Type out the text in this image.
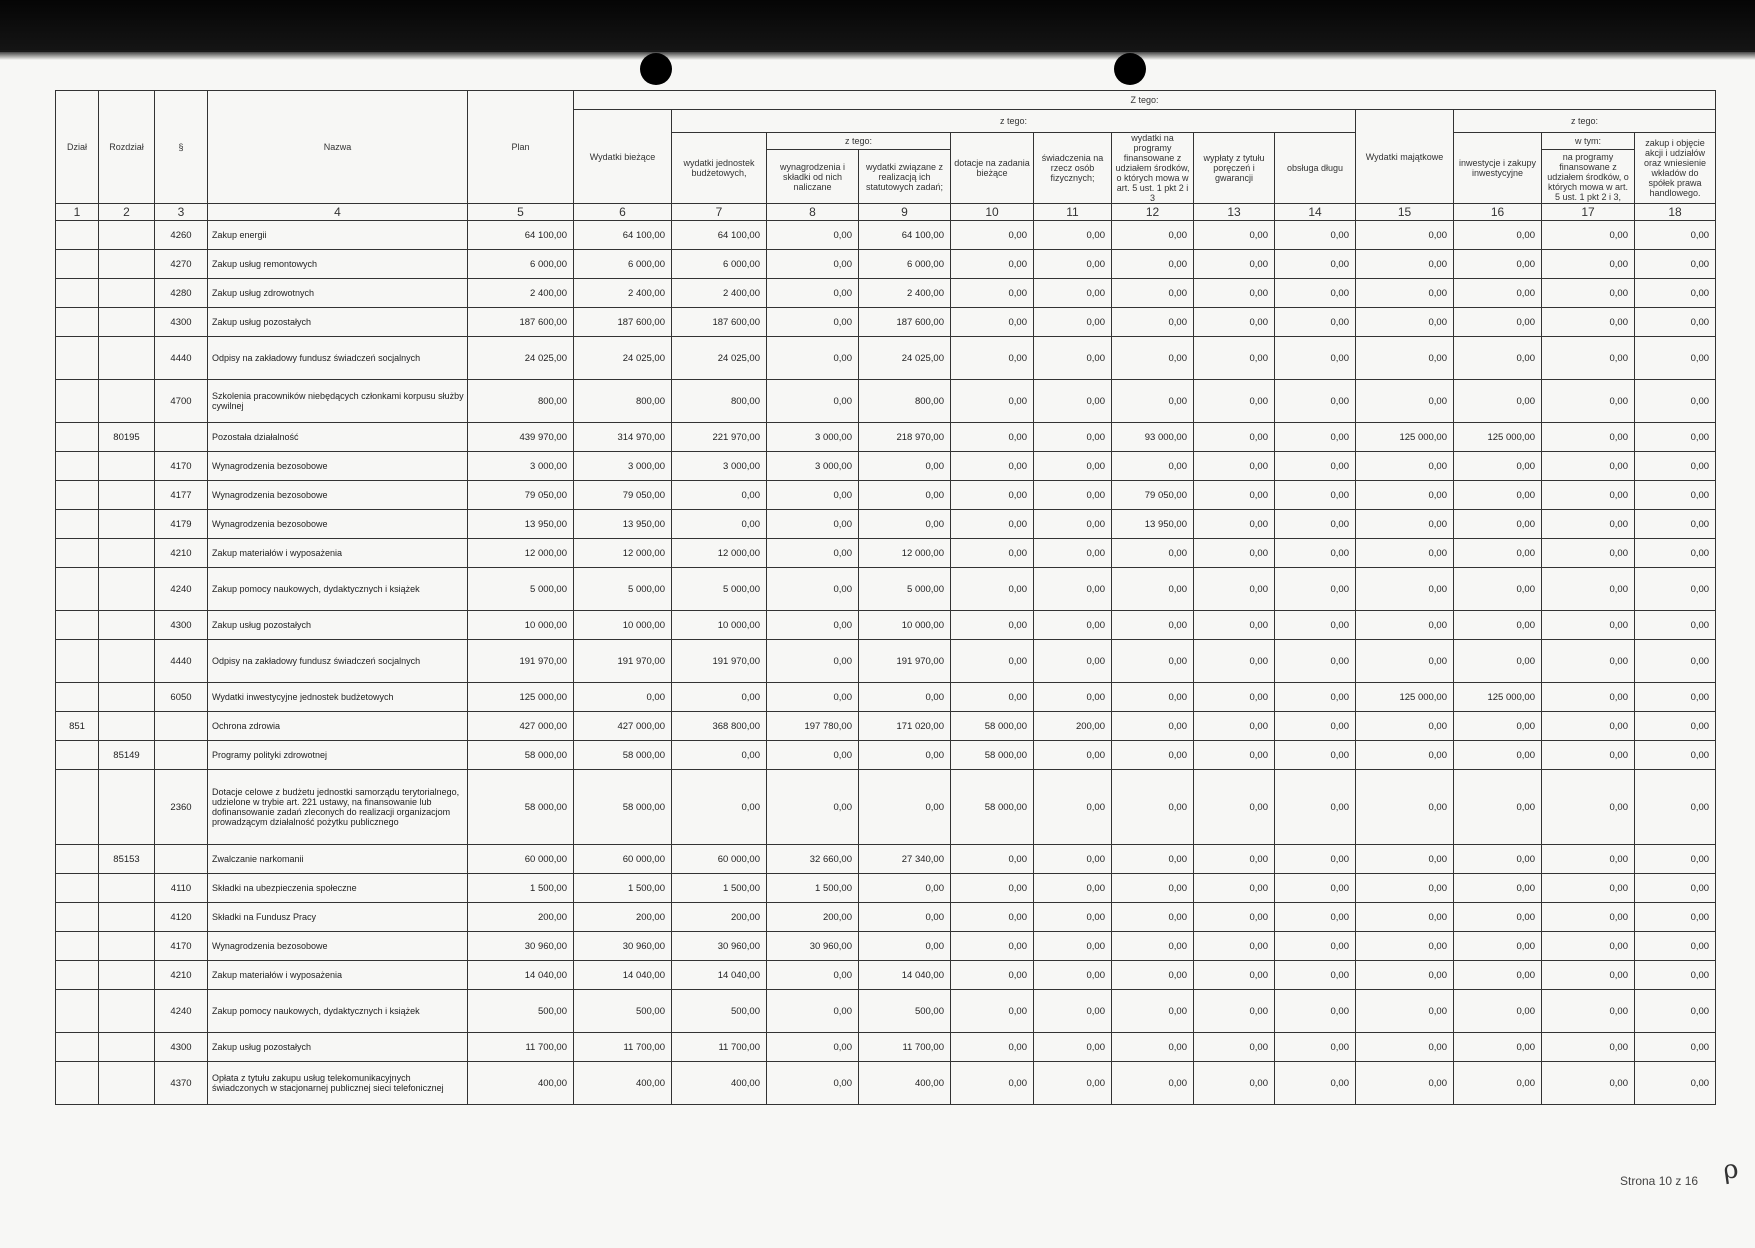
Dział	Rozdział	§	Nazwa	Plan	Z tego:												
					Wydatki bieżące	z tego:								Wydatki majątkowe	z tego:		
						wydatki jednostek budżetowych,	z tego:		dotacje na zadania bieżące	świadczenia na rzecz osób fizycznych;	wydatki na programy finansowane z udziałem środków, o których mowa w art. 5 ust. 1 pkt 2 i 3	wypłaty z tytułu poręczeń i gwarancji	obsługa długu		inwestycje i zakupy inwestycyjne	w tym:	zakup i objęcie akcji i udziałów oraz wniesienie wkładów do spółek prawa handlowego.
							wynagrodzenia i składki od nich naliczane	wydatki związane z realizacją ich statutowych zadań;								na programy finansowane z udziałem środków, o których mowa w art. 5 ust. 1 pkt 2 i 3,	

1	2	3	4	5	6	7	8	9	10	11	12	13	14	15	16	17	18
		4260	Zakup energii	64 100,00	64 100,00	64 100,00	0,00	64 100,00	0,00	0,00	0,00	0,00	0,00	0,00	0,00	0,00	0,00
		4270	Zakup usług remontowych	6 000,00	6 000,00	6 000,00	0,00	6 000,00	0,00	0,00	0,00	0,00	0,00	0,00	0,00	0,00	0,00
		4280	Zakup usług zdrowotnych	2 400,00	2 400,00	2 400,00	0,00	2 400,00	0,00	0,00	0,00	0,00	0,00	0,00	0,00	0,00	0,00
		4300	Zakup usług pozostałych	187 600,00	187 600,00	187 600,00	0,00	187 600,00	0,00	0,00	0,00	0,00	0,00	0,00	0,00	0,00	0,00
		4440	Odpisy na zakładowy fundusz świadczeń socjalnych	24 025,00	24 025,00	24 025,00	0,00	24 025,00	0,00	0,00	0,00	0,00	0,00	0,00	0,00	0,00	0,00
		4700	Szkolenia pracowników niebędących członkami korpusu służby cywilnej	800,00	800,00	800,00	0,00	800,00	0,00	0,00	0,00	0,00	0,00	0,00	0,00	0,00	0,00
	80195		Pozostała działalność	439 970,00	314 970,00	221 970,00	3 000,00	218 970,00	0,00	0,00	93 000,00	0,00	0,00	125 000,00	125 000,00	0,00	0,00
		4170	Wynagrodzenia bezosobowe	3 000,00	3 000,00	3 000,00	3 000,00	0,00	0,00	0,00	0,00	0,00	0,00	0,00	0,00	0,00	0,00
		4177	Wynagrodzenia bezosobowe	79 050,00	79 050,00	0,00	0,00	0,00	0,00	0,00	79 050,00	0,00	0,00	0,00	0,00	0,00	0,00
		4179	Wynagrodzenia bezosobowe	13 950,00	13 950,00	0,00	0,00	0,00	0,00	0,00	13 950,00	0,00	0,00	0,00	0,00	0,00	0,00
		4210	Zakup materiałów i wyposażenia	12 000,00	12 000,00	12 000,00	0,00	12 000,00	0,00	0,00	0,00	0,00	0,00	0,00	0,00	0,00	0,00
		4240	Zakup pomocy naukowych, dydaktycznych i książek	5 000,00	5 000,00	5 000,00	0,00	5 000,00	0,00	0,00	0,00	0,00	0,00	0,00	0,00	0,00	0,00
		4300	Zakup usług pozostałych	10 000,00	10 000,00	10 000,00	0,00	10 000,00	0,00	0,00	0,00	0,00	0,00	0,00	0,00	0,00	0,00
		4440	Odpisy na zakładowy fundusz świadczeń socjalnych	191 970,00	191 970,00	191 970,00	0,00	191 970,00	0,00	0,00	0,00	0,00	0,00	0,00	0,00	0,00	0,00
		6050	Wydatki inwestycyjne jednostek budżetowych	125 000,00	0,00	0,00	0,00	0,00	0,00	0,00	0,00	0,00	0,00	125 000,00	125 000,00	0,00	0,00
851			Ochrona zdrowia	427 000,00	427 000,00	368 800,00	197 780,00	171 020,00	58 000,00	200,00	0,00	0,00	0,00	0,00	0,00	0,00	0,00
	85149		Programy polityki zdrowotnej	58 000,00	58 000,00	0,00	0,00	0,00	58 000,00	0,00	0,00	0,00	0,00	0,00	0,00	0,00	0,00
		2360	Dotacje celowe z budżetu jednostki samorządu terytorialnego, udzielone w trybie art. 221 ustawy, na finansowanie lub dofinansowanie zadań zleconych do realizacji organizacjom prowadzącym działalność pożytku publicznego	58 000,00	58 000,00	0,00	0,00	0,00	58 000,00	0,00	0,00	0,00	0,00	0,00	0,00	0,00	0,00
	85153		Zwalczanie narkomanii	60 000,00	60 000,00	60 000,00	32 660,00	27 340,00	0,00	0,00	0,00	0,00	0,00	0,00	0,00	0,00	0,00
		4110	Składki na ubezpieczenia społeczne	1 500,00	1 500,00	1 500,00	1 500,00	0,00	0,00	0,00	0,00	0,00	0,00	0,00	0,00	0,00	0,00
		4120	Składki na Fundusz Pracy	200,00	200,00	200,00	200,00	0,00	0,00	0,00	0,00	0,00	0,00	0,00	0,00	0,00	0,00
		4170	Wynagrodzenia bezosobowe	30 960,00	30 960,00	30 960,00	30 960,00	0,00	0,00	0,00	0,00	0,00	0,00	0,00	0,00	0,00	0,00
		4210	Zakup materiałów i wyposażenia	14 040,00	14 040,00	14 040,00	0,00	14 040,00	0,00	0,00	0,00	0,00	0,00	0,00	0,00	0,00	0,00
		4240	Zakup pomocy naukowych, dydaktycznych i książek	500,00	500,00	500,00	0,00	500,00	0,00	0,00	0,00	0,00	0,00	0,00	0,00	0,00	0,00
		4300	Zakup usług pozostałych	11 700,00	11 700,00	11 700,00	0,00	11 700,00	0,00	0,00	0,00	0,00	0,00	0,00	0,00	0,00	0,00
		4370	Opłata z tytułu zakupu usług telekomunikacyjnych świadczonych w stacjonarnej publicznej sieci telefonicznej	400,00	400,00	400,00	0,00	400,00	0,00	0,00	0,00	0,00	0,00	0,00	0,00	0,00	0,00
Strona 10 z 16 ρ
